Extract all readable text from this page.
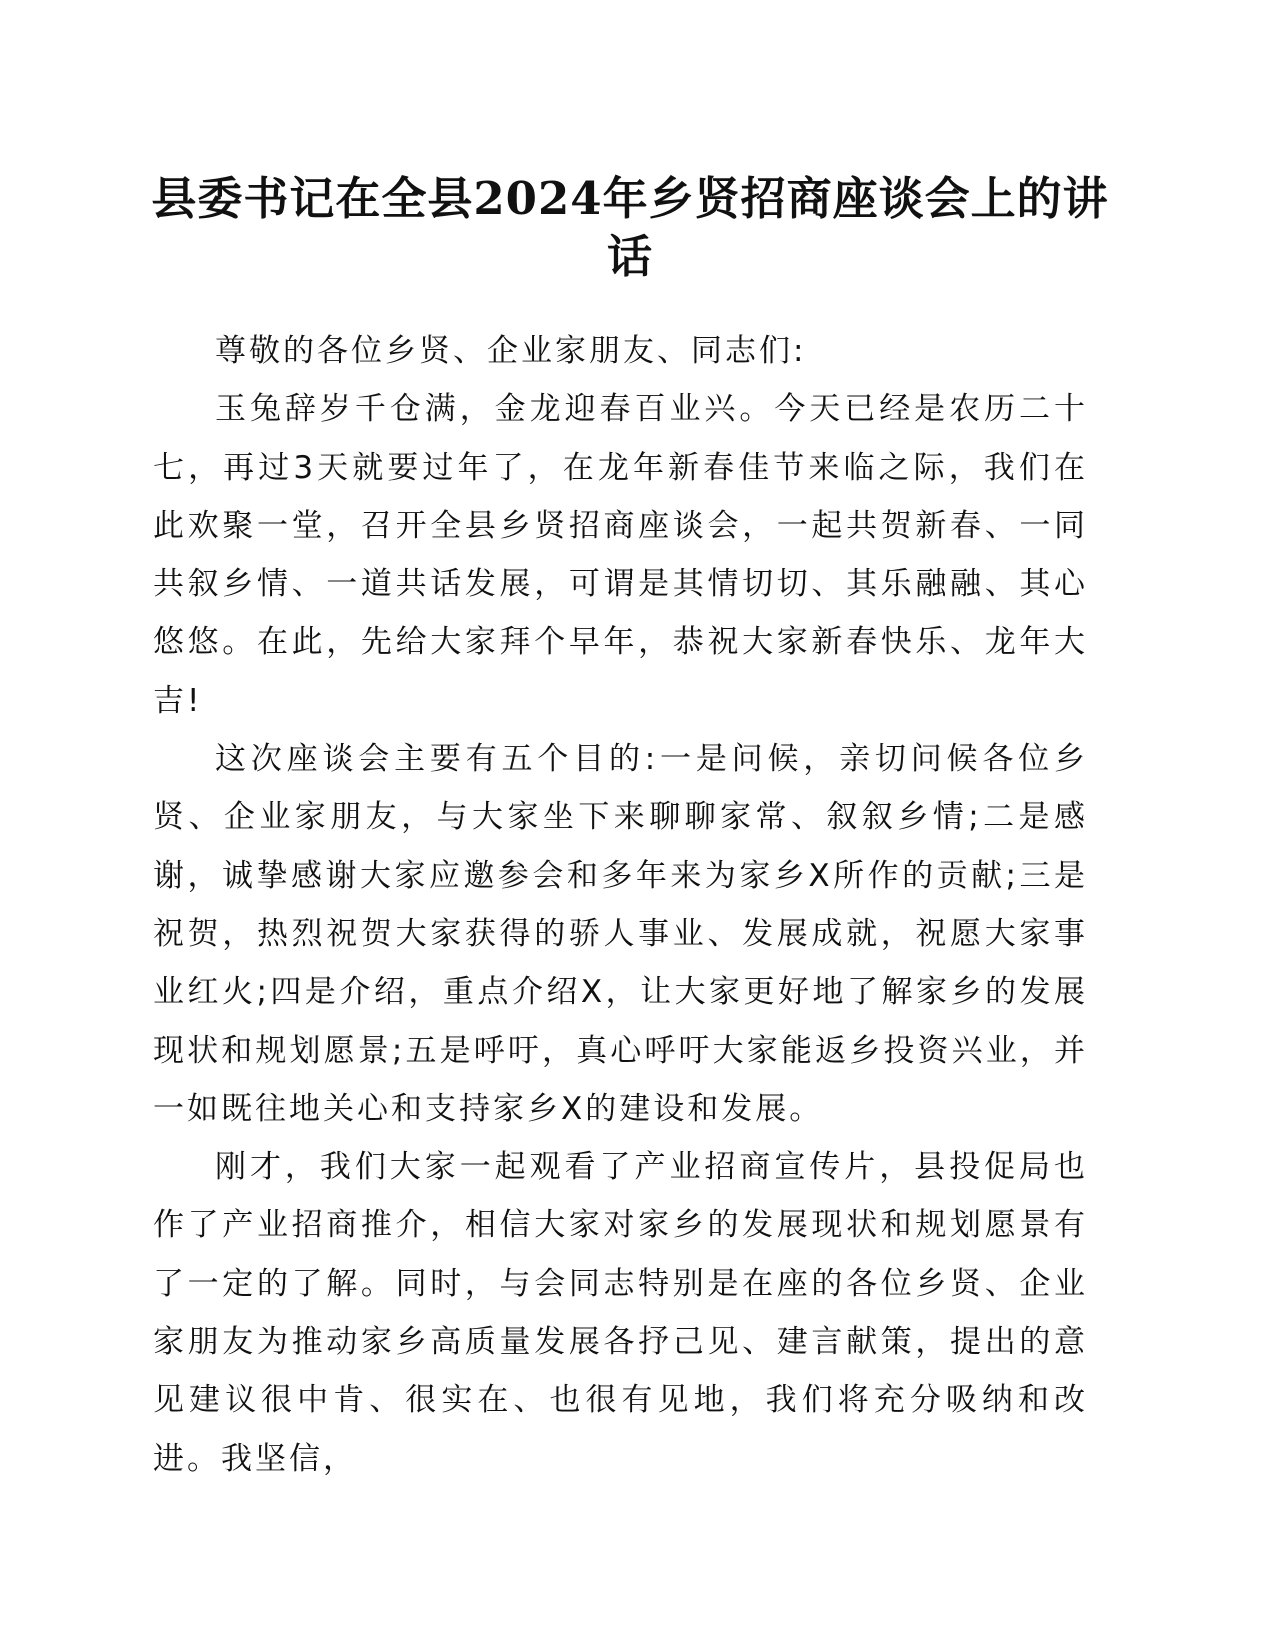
县委书记在全县2024年乡贤招商座谈会上的讲话

尊敬的各位乡贤、企业家朋友、同志们:

玉兔辞岁千仓满，金龙迎春百业兴。今天已经是农历二十七，再过3天就要过年了，在龙年新春佳节来临之际，我们在此欢聚一堂，召开全县乡贤招商座谈会，一起共贺新春、一同共叙乡情、一道共话发展，可谓是其情切切、其乐融融、其心悠悠。在此，先给大家拜个早年，恭祝大家新春快乐、龙年大吉!

这次座谈会主要有五个目的:一是问候，亲切问候各位乡贤、企业家朋友，与大家坐下来聊聊家常、叙叙乡情;二是感谢，诚挚感谢大家应邀参会和多年来为家乡X所作的贡献;三是祝贺，热烈祝贺大家获得的骄人事业、发展成就，祝愿大家事业红火;四是介绍，重点介绍X，让大家更好地了解家乡的发展现状和规划愿景;五是呼吁，真心呼吁大家能返乡投资兴业，并一如既往地关心和支持家乡X的建设和发展。

刚才，我们大家一起观看了产业招商宣传片，县投促局也作了产业招商推介，相信大家对家乡的发展现状和规划愿景有了一定的了解。同时，与会同志特别是在座的各位乡贤、企业家朋友为推动家乡高质量发展各抒己见、建言献策，提出的意见建议很中肯、很实在、也很有见地，我们将充分吸纳和改进。我坚信，
